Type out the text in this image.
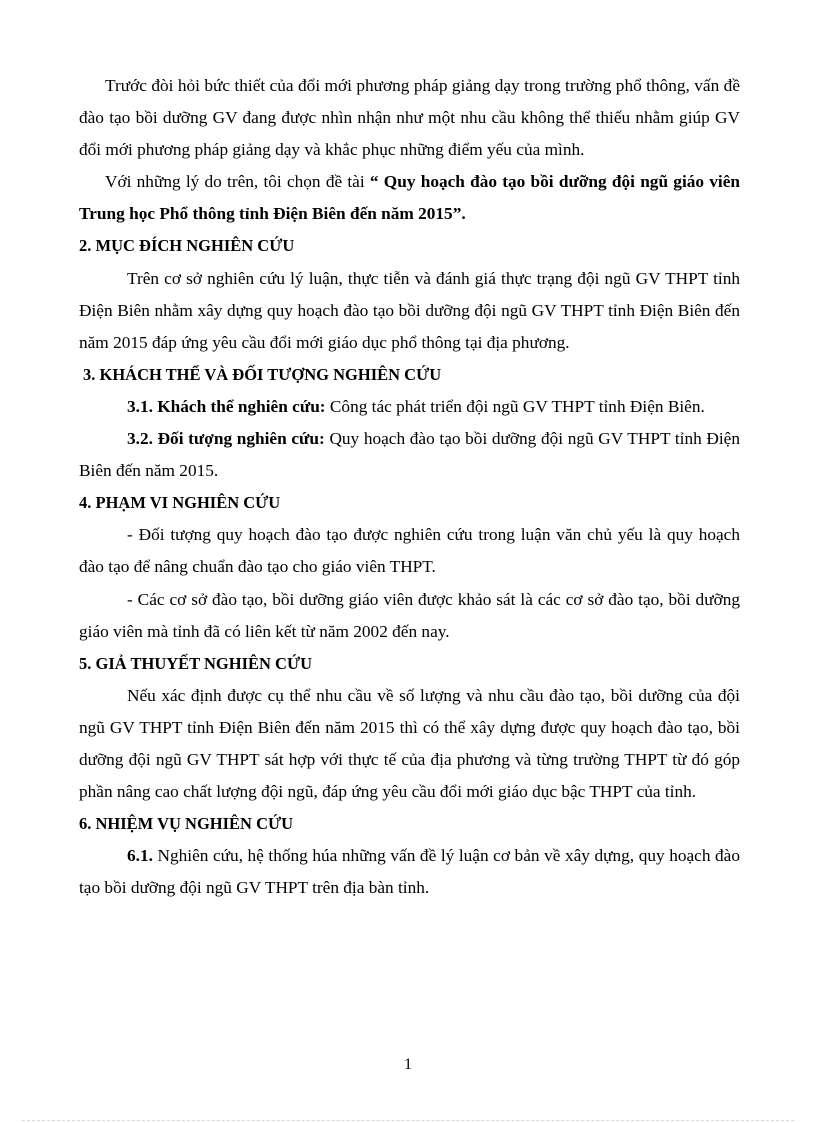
Trước đòi hỏi bức thiết của đổi mới phương pháp giảng dạy trong trường phổ thông, vấn đề đào tạo bồi dưỡng GV đang được nhìn nhận như một nhu cầu không thể thiếu nhằm giúp GV đổi mới phương pháp giảng dạy và khắc phục những điểm yếu của mình.

Với những lý do trên, tôi chọn đề tài “ Quy hoạch đào tạo bồi dưỡng đội ngũ giáo viên Trung học Phổ thông tỉnh Điện Biên đến năm 2015”.

2. MỤC ĐÍCH NGHIÊN CỨU

Trên cơ sở nghiên cứu lý luận, thực tiễn và đánh giá thực trạng đội ngũ GV THPT tỉnh Điện Biên nhằm xây dựng quy hoạch đào tạo bồi dưỡng đội ngũ GV THPT tỉnh Điện Biên đến năm 2015 đáp ứng yêu cầu đổi mới giáo dục phổ thông tại địa phương.

3. KHÁCH THỂ VÀ ĐỐI TƯỢNG NGHIÊN CỨU

3.1. Khách thể nghiên cứu: Công tác phát triển đội ngũ GV THPT tỉnh Điện Biên.

3.2. Đối tượng nghiên cứu: Quy hoạch đào tạo bồi dưỡng đội ngũ GV THPT tỉnh Điện Biên đến năm 2015.

4. PHẠM VI NGHIÊN CỨU

- Đối tượng quy hoạch đào tạo được nghiên cứu trong luận văn chủ yếu là quy hoạch đào tạo để nâng chuẩn đào tạo cho giáo viên THPT.

- Các cơ sở đào tạo, bồi dưỡng giáo viên được khảo sát là các cơ sở đào tạo, bồi dưỡng giáo viên mà tỉnh đã có liên kết từ năm 2002 đến nay.

5. GIẢ THUYẾT NGHIÊN CỨU

Nếu xác định được cụ thể nhu cầu về số lượng và nhu cầu đào tạo, bồi dưỡng của đội ngũ GV THPT tỉnh Điện Biên đến năm 2015 thì có thể xây dựng được quy hoạch đào tạo, bồi dưỡng đội ngũ GV THPT sát hợp với thực tế của địa phương và từng trường THPT từ đó góp phần nâng cao chất lượng đội ngũ, đáp ứng yêu cầu đổi mới giáo dục bậc THPT của tỉnh.

6. NHIỆM VỤ NGHIÊN CỨU

6.1. Nghiên cứu, hệ thống húa những vấn đề lý luận cơ bản về xây dựng, quy hoạch đào tạo bồi dưỡng đội ngũ GV THPT trên địa bàn tỉnh.

1
